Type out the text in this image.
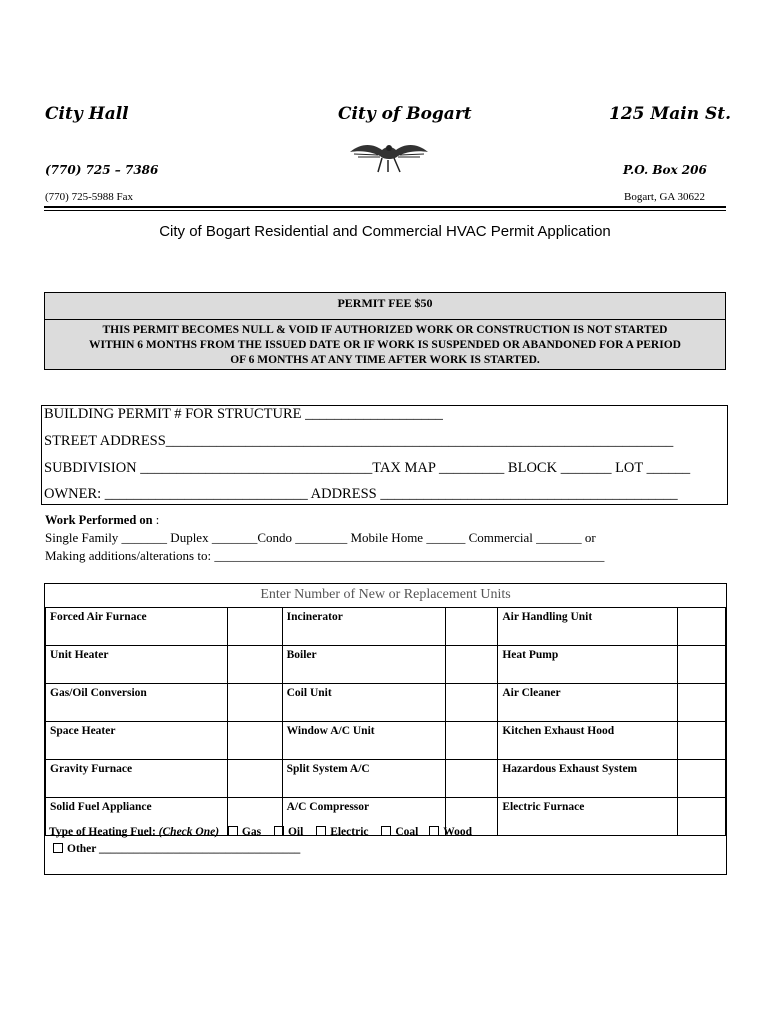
City Hall	City of Bogart	125 Main St.
(770) 725 – 7386	P.O. Box 206
(770) 725-5988 Fax	Bogart, GA 30622
City of Bogart Residential and Commercial HVAC Permit Application
PERMIT FEE $50
THIS PERMIT BECOMES NULL & VOID IF AUTHORIZED WORK OR CONSTRUCTION IS NOT STARTED
WITHIN 6 MONTHS FROM THE ISSUED DATE OR IF WORK IS SUSPENDED OR ABANDONED FOR A PERIOD
OF 6 MONTHS AT ANY TIME AFTER WORK IS STARTED.
BUILDING PERMIT # FOR STRUCTURE ___________________
STREET ADDRESS______________________________________________________________________
SUBDIVISION ________________________________TAX MAP _________ BLOCK _______ LOT ______
OWNER: ____________________________ ADDRESS _________________________________________
Work Performed on :
Single Family _______ Duplex _______Condo ________ Mobile Home ______ Commercial _______ or
Making additions/alterations to: ____________________________________________________________
Enter Number of New or Replacement Units
Forced Air Furnace		Incinerator		Air Handling Unit	
Unit Heater		Boiler		Heat Pump	
Gas/Oil Conversion		Coil Unit		Air Cleaner	
Space Heater		Window A/C Unit		Kitchen Exhaust Hood	
Gravity Furnace		Split System A/C		Hazardous Exhaust System	
Solid Fuel Appliance		A/C Compressor		Electric Furnace	
Type of Heating Fuel: (Check One) Gas Oil Electric Coal Wood
Other ___________________________________
